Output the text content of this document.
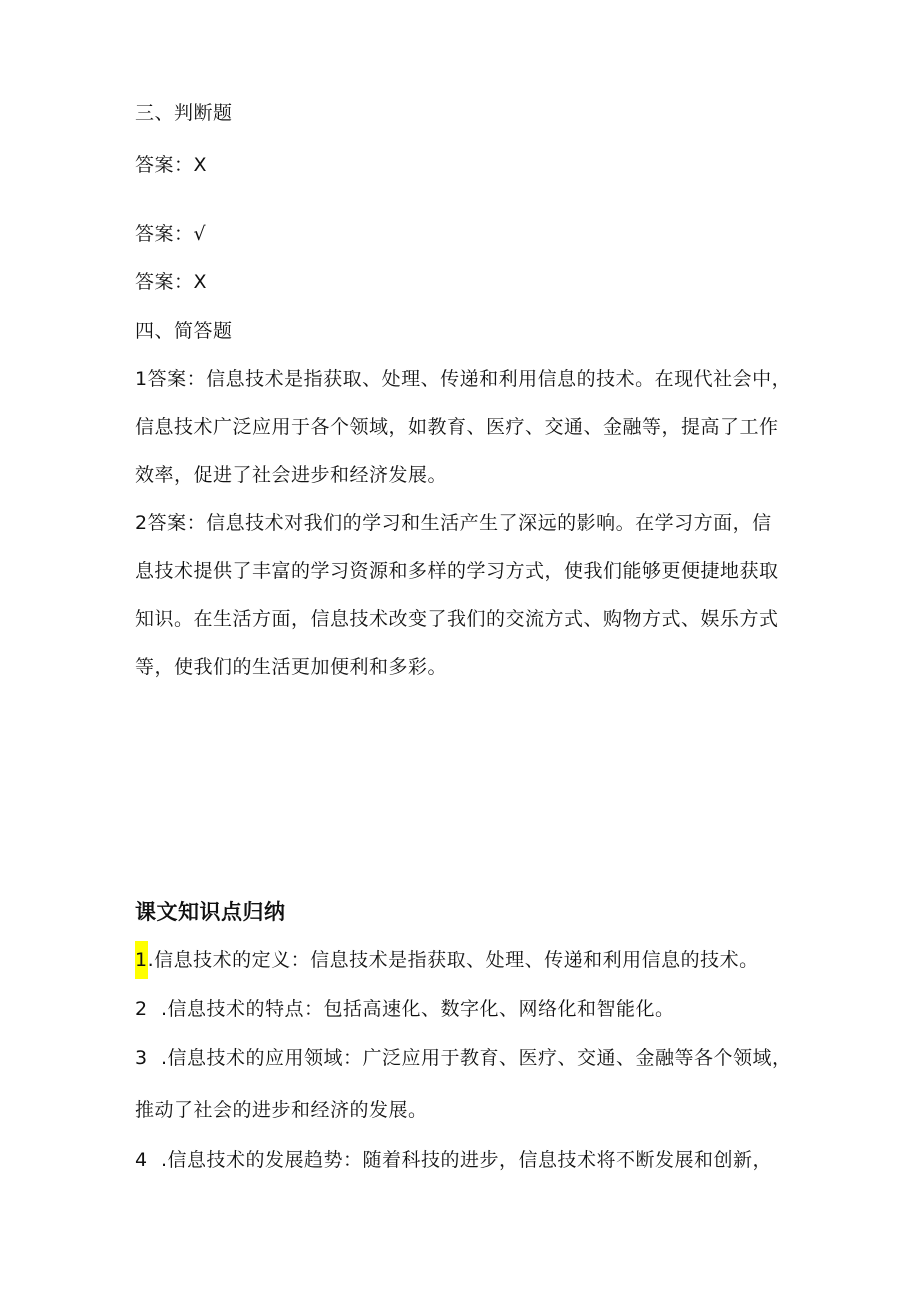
三、判断题
答案：X
答案：√
答案：X
四、简答题
1答案：信息技术是指获取、处理、传递和利用信息的技术。在现代社会中，
信息技术广泛应用于各个领域，如教育、医疗、交通、金融等，提高了工作
效率，促进了社会进步和经济发展。
2答案：信息技术对我们的学习和生活产生了深远的影响。在学习方面，信
息技术提供了丰富的学习资源和多样的学习方式，使我们能够更便捷地获取
知识。在生活方面，信息技术改变了我们的交流方式、购物方式、娱乐方式
等，使我们的生活更加便利和多彩。
课文知识点归纳
1.信息技术的定义：信息技术是指获取、处理、传递和利用信息的技术。
2 .信息技术的特点：包括高速化、数字化、网络化和智能化。
3 .信息技术的应用领域：广泛应用于教育、医疗、交通、金融等各个领域，
推动了社会的进步和经济的发展。
4 .信息技术的发展趋势：随着科技的进步，信息技术将不断发展和创新，
